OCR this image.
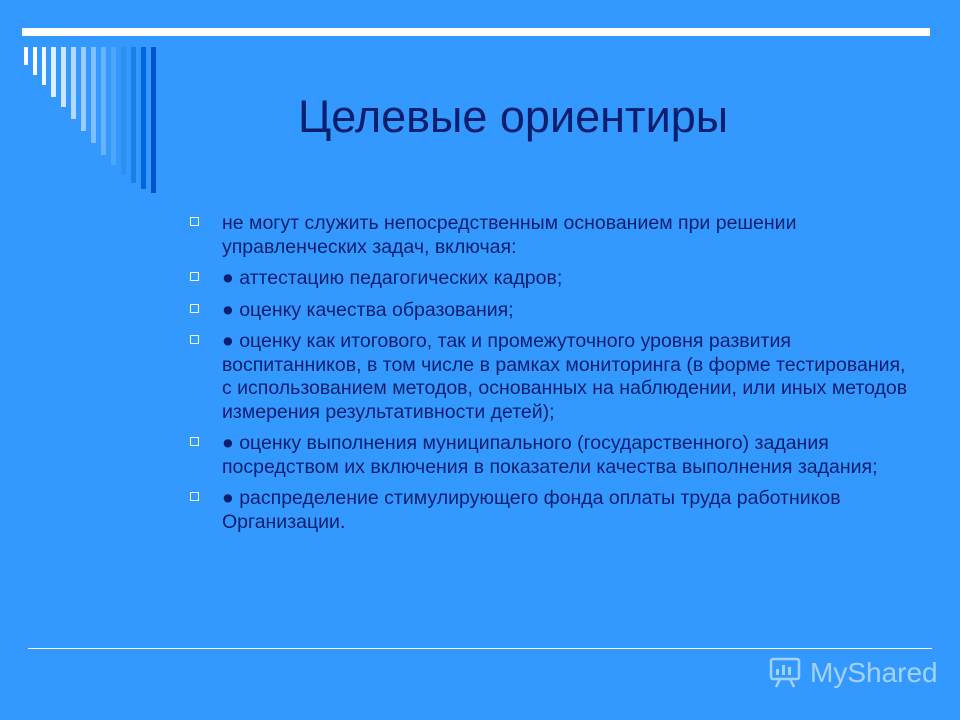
Целевые ориентиры
не могут служить непосредственным основанием при решении управленческих задач, включая:
● аттестацию педагогических кадров;
● оценку качества образования;
● оценку как итогового, так и промежуточного уровня развития воспитанников, в том числе в рамках мониторинга (в форме тестирования, с использованием методов, основанных на наблюдении, или иных методов измерения результативности детей);
● оценку выполнения муниципального (государственного) задания посредством их включения в показатели качества выполнения задания;
● распределение стимулирующего фонда оплаты труда работников Организации.
MyShared
